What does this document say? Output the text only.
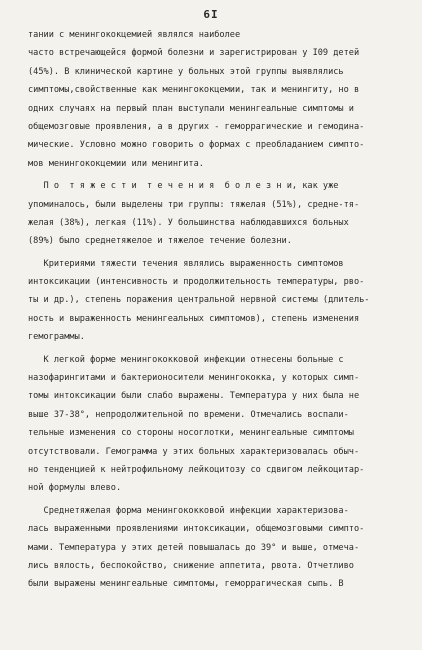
6I
тании с менингококцемией являлся наиболее
часто встречающейся формой болезни и зарегистрирован у I09 детей
(45%). В клинической картине у больных этой группы выявлялись
симптомы,свойственные как менингококцемии, так и менингиту, но в
одних случаях на первый план выступали менингеальные симптомы и
общемозговые проявления, а в других - геморрагические и гемодина-
мические. Условно можно говорить о формах с преобладанием симпто-
мов менингококцемии или менингита.
П о  т я ж е с т и  т е ч е н и я  б о л е з н и, как уже
упоминалось, были выделены три группы: тяжелая (51%), средне-тя-
желая (38%), легкая (11%). У большинства наблюдавшихся больных
(89%) было среднетяжелое и тяжелое течение болезни.
Критериями тяжести течения являлись выраженность симптомов
интоксикации (интенсивность и продолжительность температуры, рво-
ты и др.), степень поражения центральной нервной системы (длитель-
ность и выраженность менингеальных симптомов), степень изменения
гемограммы.
К легкой форме менингококковой инфекции отнесены больные с
назофарингитами и бактерионосители менингококка, у которых симп-
томы интоксикации были слабо выражены. Температура у них была не
выше 37-38°, непродолжительной по времени. Отмечались воспали-
тельные изменения со стороны носоглотки, менингеальные симптомы
отсутствовали. Гемограмма у этих больных характеризовалась обыч-
но тенденцией к нейтрофильному лейкоцитозу со сдвигом лейкоцитар-
ной формулы влево.
Среднетяжелая форма менингококковой инфекции характеризова-
лась выраженными проявлениями интоксикации, общемозговыми симпто-
мами. Температура у этих детей повышалась до 39° и выше, отмеча-
лись вялость, беспокойство, снижение аппетита, рвота. Отчетливо
были выражены менингеальные симптомы, геморрагическая сыпь. В
